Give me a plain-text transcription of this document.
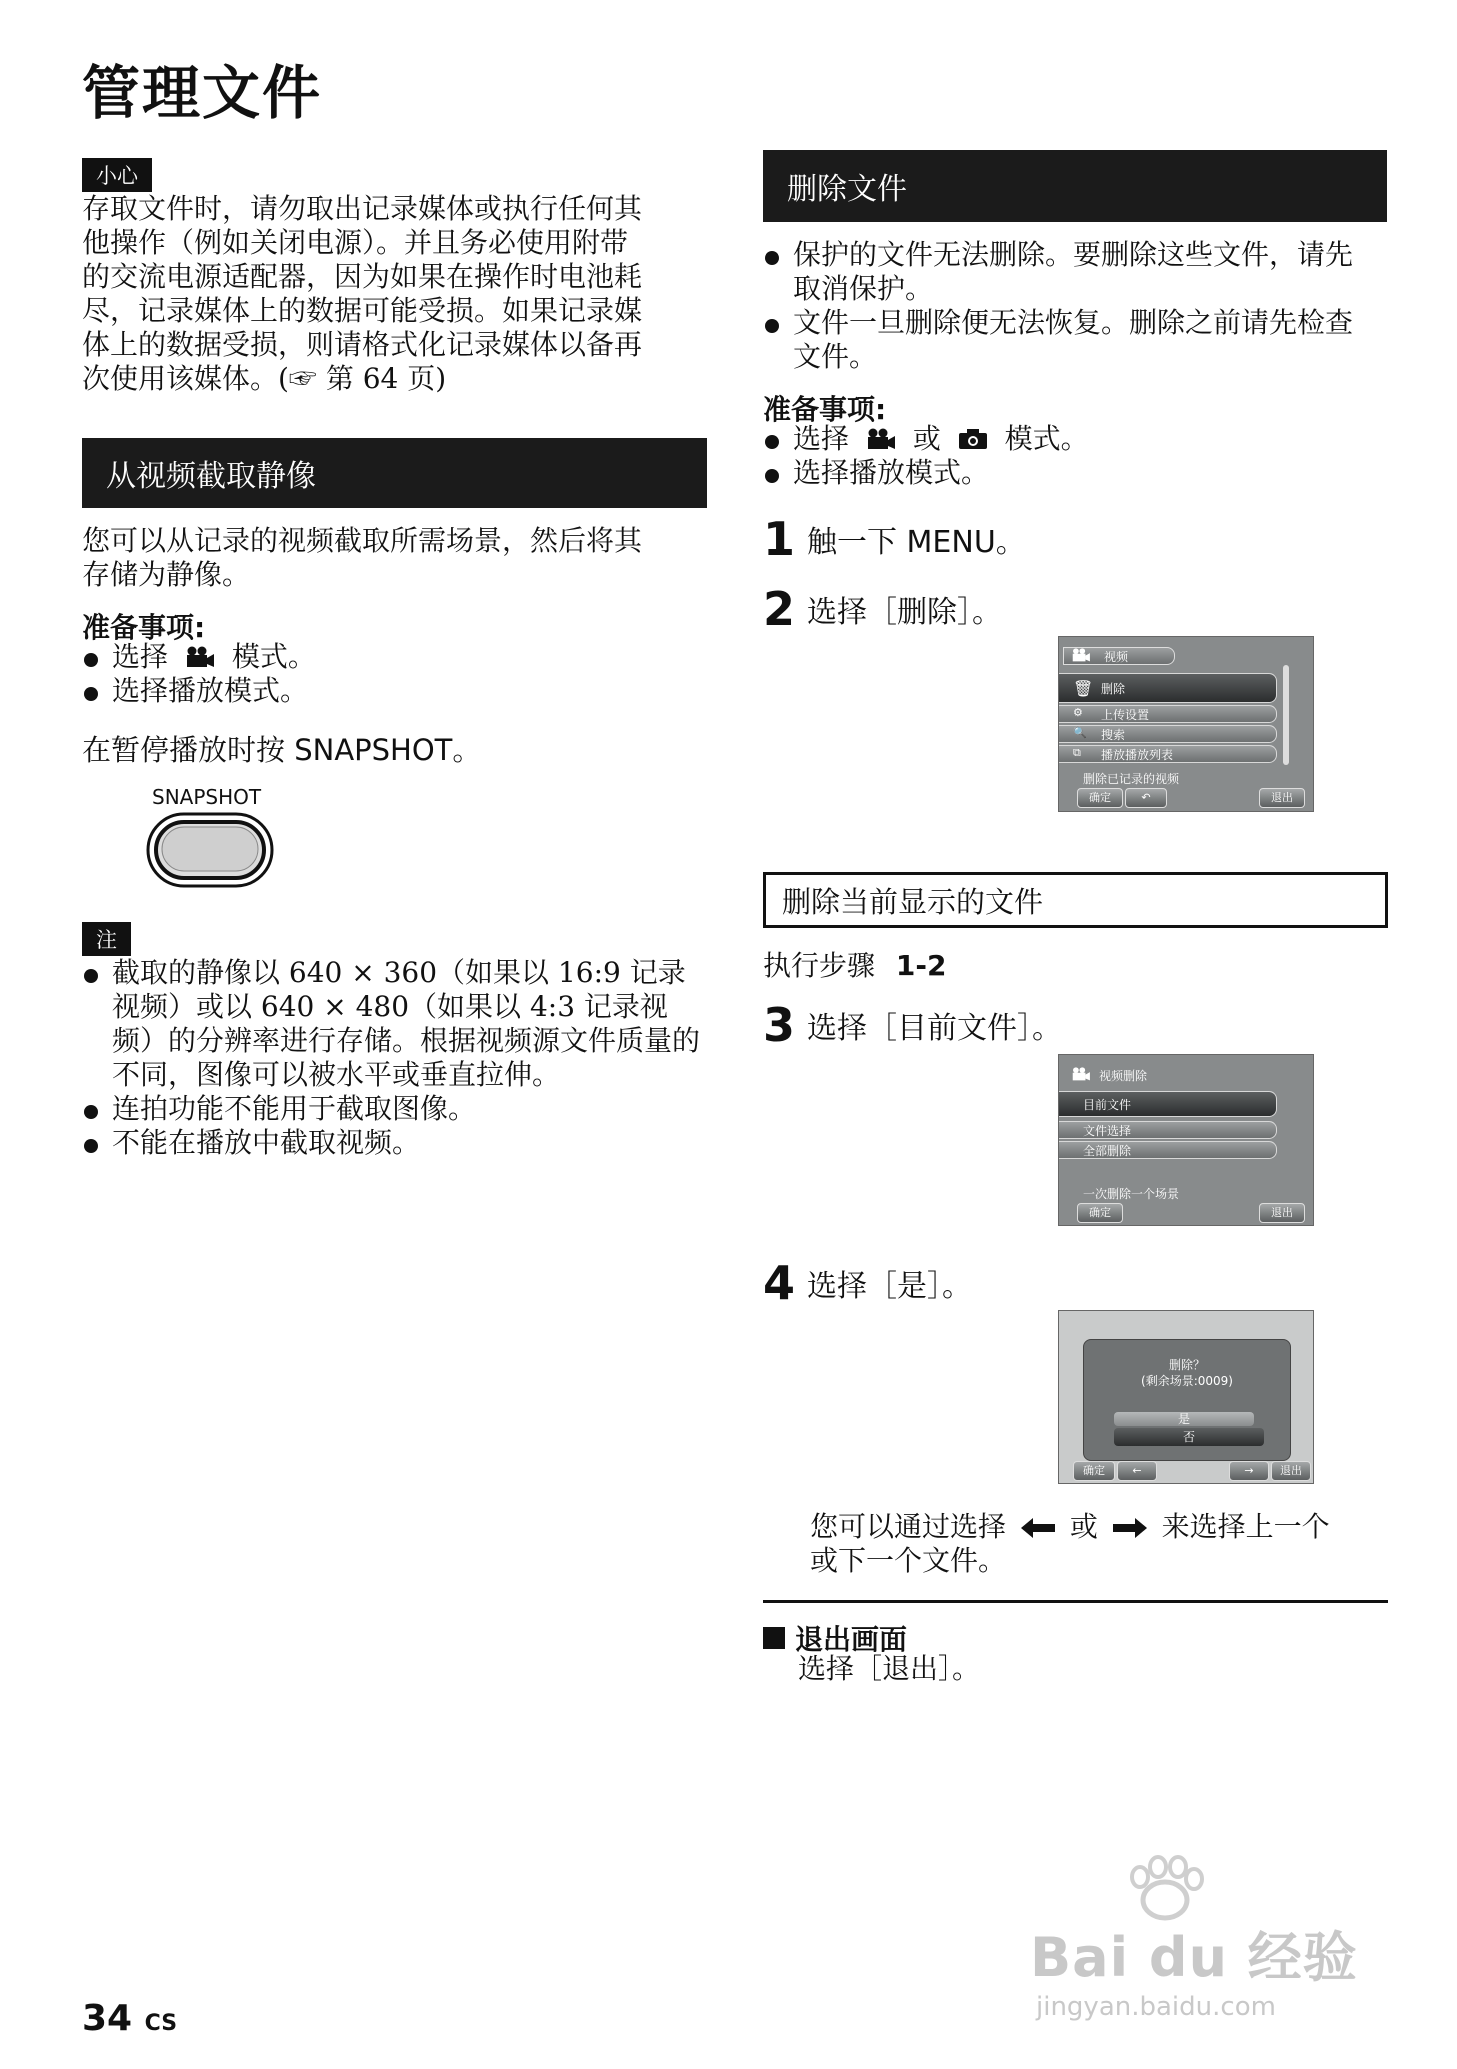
管理文件
小心
存取文件时，请勿取出记录媒体或执行任何其
他操作（例如关闭电源）。并且务必使用附带
的交流电源适配器，因为如果在操作时电池耗
尽，记录媒体上的数据可能受损。如果记录媒
体上的数据受损，则请格式化记录媒体以备再
次使用该媒体。(☞ 第 64 页)
从视频截取静像
您可以从记录的视频截取所需场景，然后将其
存储为静像。
准备事项:
选择 模式。
选择播放模式。
在暂停播放时按 SNAPSHOT。
SNAPSHOT
注
截取的静像以 640 × 360（如果以 16:9 记录视频）或以 640 × 480（如果以 4:3 记录视频）的分辨率进行存储。根据视频源文件质量的不同，图像可以被水平或垂直拉伸。
连拍功能不能用于截取图像。
不能在播放中截取视频。
删除文件
保护的文件无法删除。要删除这些文件，请先取消保护。
文件一旦删除便无法恢复。删除之前请先检查文件。
准备事项:
选择 或 模式。
选择播放模式。
1 触一下 MENU。
2 选择［删除］。
视频
删除
🗑
上传设置
搜索
播放播放列表
⚙
🔍
⧉
删除已记录的视频
确定	↶	退出
删除当前显示的文件
执行步骤 1-2
3 选择［目前文件］。
视频删除
目前文件
文件选择
全部删除
一次删除一个场景
确定	退出
4 选择［是］。
删除？
(剩余场景:0009)
是
否
确定	←	→	退出
您可以通过选择 或 来选择上一个
或下一个文件。
退出画面
选择［退出］。
34 CS
Bai du 经验
jingyan.baidu.com
